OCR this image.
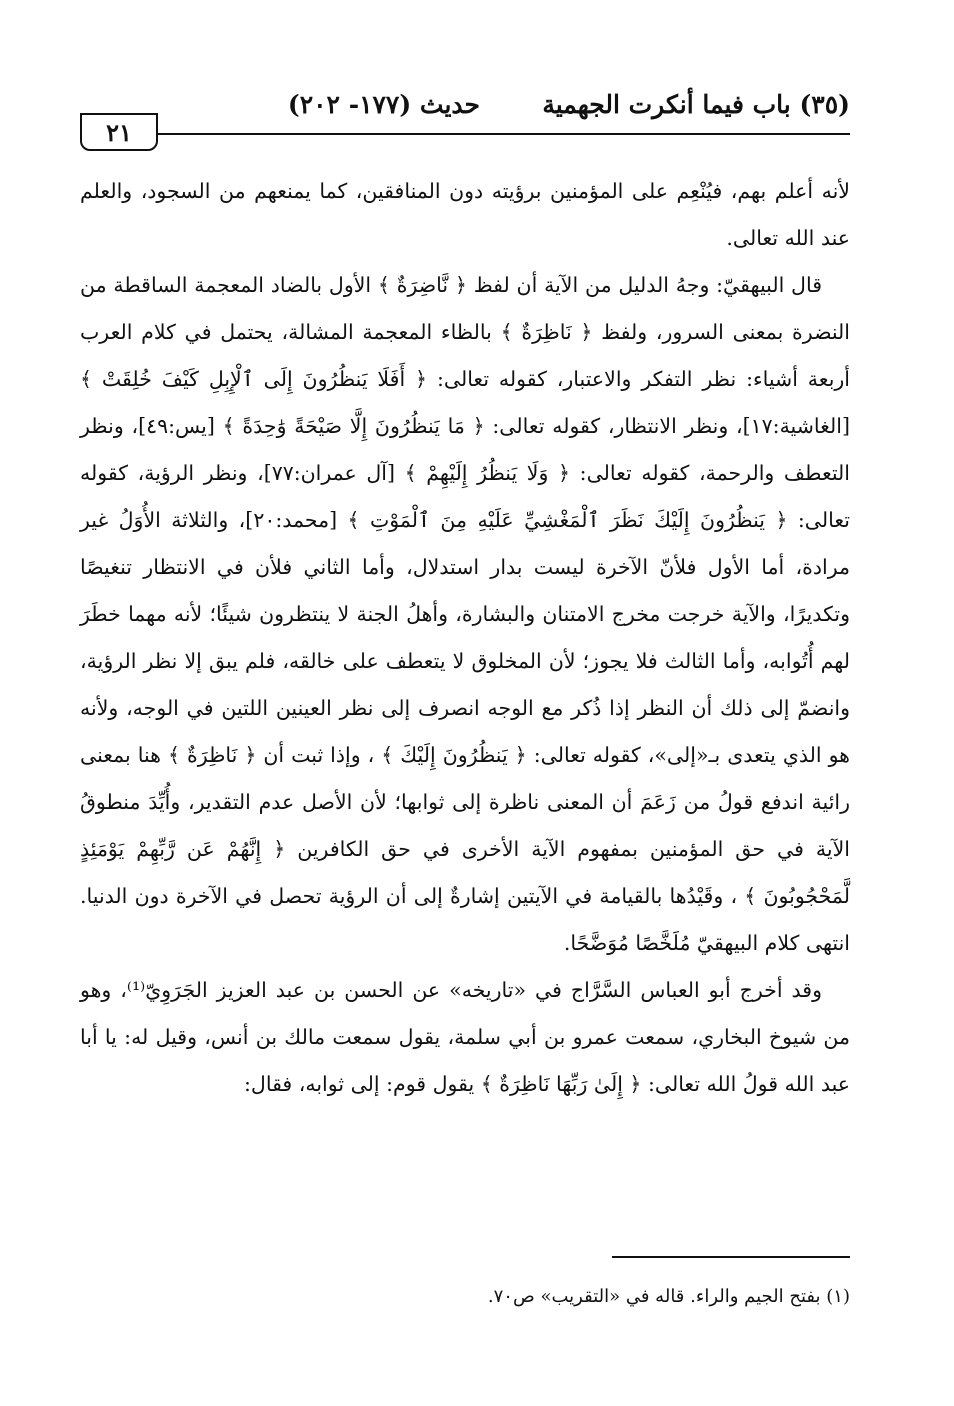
٢١
حديث (١٧٧- ٢٠٢) (٣٥) باب فيما أنكرت الجهمية

لأنه أعلم بهم، فيُنْعِم على المؤمنين برؤيته دون المنافقين، كما يمنعهم من السجود، والعلم عند الله تعالى.

قال البيهقيّ: وجهُ الدليل من الآية أن لفظ ﴿ نَّاضِرَةٌ ﴾ الأول بالضاد المعجمة الساقطة من النضرة بمعنى السرور، ولفظ ﴿ نَاظِرَةٌ ﴾ بالظاء المعجمة المشالة، يحتمل في كلام العرب أربعة أشياء: نظر التفكر والاعتبار، كقوله تعالى: ﴿ أَفَلَا يَنظُرُونَ إِلَى ٱلْإِبِلِ كَيْفَ خُلِقَتْ ﴾ [الغاشية:١٧]، ونظر الانتظار، كقوله تعالى: ﴿ مَا يَنظُرُونَ إِلَّا صَيْحَةً وَٰحِدَةً ﴾ [يس:٤٩]، ونظر التعطف والرحمة، كقوله تعالى: ﴿ وَلَا يَنظُرُ إِلَيْهِمْ ﴾ [آل عمران:٧٧]، ونظر الرؤية، كقوله تعالى: ﴿ يَنظُرُونَ إِلَيْكَ نَظَرَ ٱلْمَغْشِيِّ عَلَيْهِ مِنَ ٱلْمَوْتِ ﴾ [محمد:٢٠]، والثلاثة الأُوَلُ غير مرادة، أما الأول فلأنّ الآخرة ليست بدار استدلال، وأما الثاني فلأن في الانتظار تنغيصًا وتكديرًا، والآية خرجت مخرج الامتنان والبشارة، وأهلُ الجنة لا ينتظرون شيئًا؛ لأنه مهما خطَرَ لهم أُتُوابه، وأما الثالث فلا يجوز؛ لأن المخلوق لا يتعطف على خالقه، فلم يبق إلا نظر الرؤية، وانضمّ إلى ذلك أن النظر إذا ذُكر مع الوجه انصرف إلى نظر العينين اللتين في الوجه، ولأنه هو الذي يتعدى بـ«إلى»، كقوله تعالى: ﴿ يَنظُرُونَ إِلَيْكَ ﴾ ، وإذا ثبت أن ﴿ نَاظِرَةٌ ﴾ هنا بمعنى رائية اندفع قولُ من زَعَمَ أن المعنى ناظرة إلى ثوابها؛ لأن الأصل عدم التقدير، وأُيِّدَ منطوقُ الآية في حق المؤمنين بمفهوم الآية الأخرى في حق الكافرين ﴿ إِنَّهُمْ عَن رَّبِّهِمْ يَوْمَئِذٍ لَّمَحْجُوبُونَ ﴾ ، وقَيْدُها بالقيامة في الآيتين إشارةٌ إلى أن الرؤية تحصل في الآخرة دون الدنيا. انتهى كلام البيهقيّ مُلَخَّصًا مُوَضَّحًا.

وقد أخرج أبو العباس السَّرَّاج في «تاريخه» عن الحسن بن عبد العزيز الجَرَوِيّ⁽¹⁾، وهو من شيوخ البخاري، سمعت عمرو بن أبي سلمة، يقول سمعت مالك بن أنس، وقيل له: يا أبا عبد الله قولُ الله تعالى: ﴿ إِلَىٰ رَبِّهَا نَاظِرَةٌ ﴾ يقول قوم: إلى ثوابه، فقال:

(١) بفتح الجيم والراء. قاله في «التقريب» ص٧٠.
